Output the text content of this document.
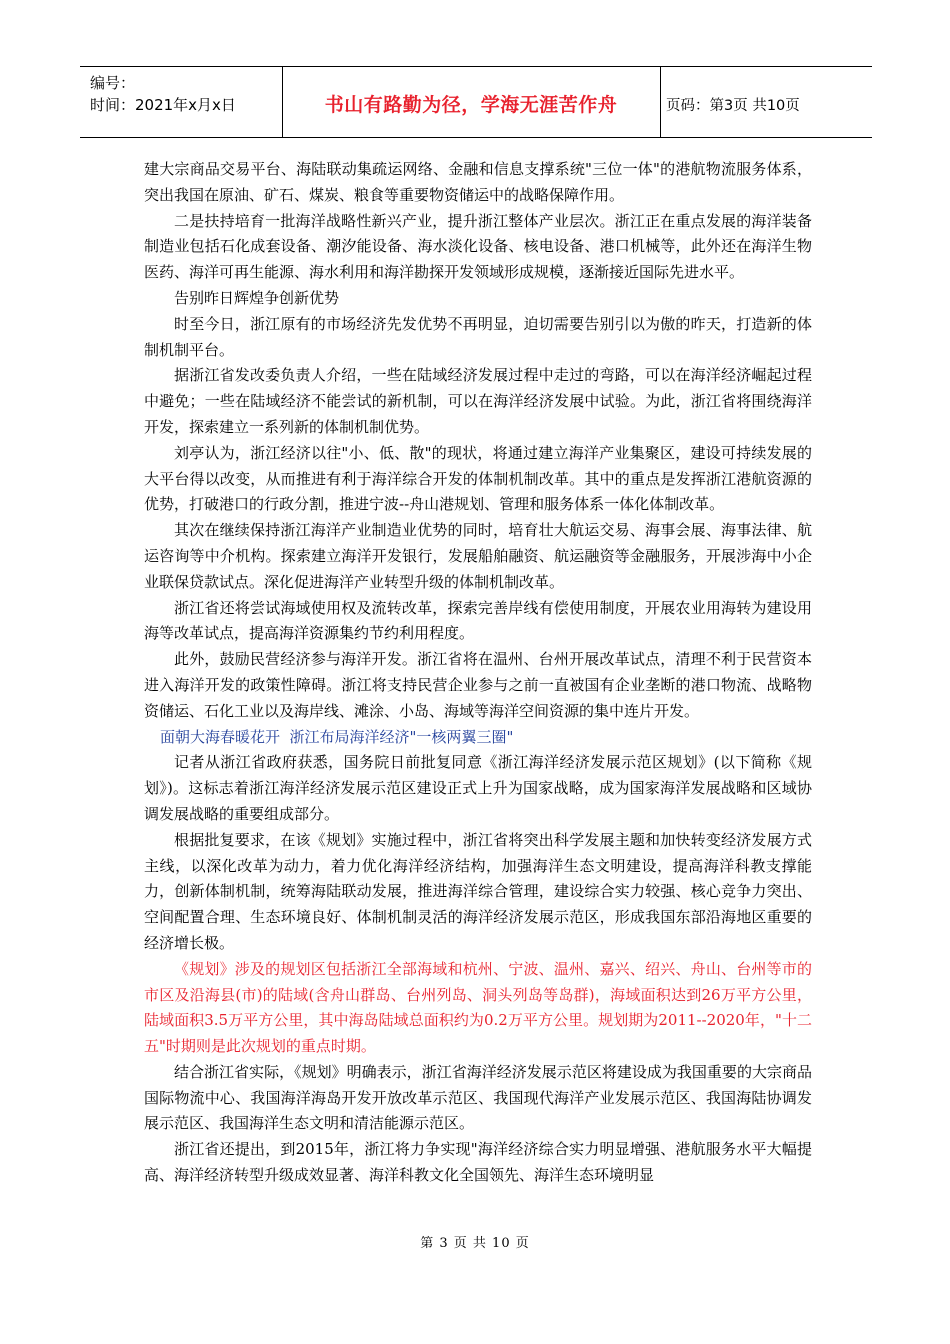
编号：
时间：2021年x月x日	书山有路勤为径，学海无涯苦作舟	页码：第3页 共10页

建大宗商品交易平台、海陆联动集疏运网络、金融和信息支撑系统"三位一体"的港航物流服务体系，突出我国在原油、矿石、煤炭、粮食等重要物资储运中的战略保障作用。

二是扶持培育一批海洋战略性新兴产业，提升浙江整体产业层次。浙江正在重点发展的海洋装备制造业包括石化成套设备、潮汐能设备、海水淡化设备、核电设备、港口机械等，此外还在海洋生物医药、海洋可再生能源、海水利用和海洋勘探开发领域形成规模，逐渐接近国际先进水平。

告别昨日辉煌争创新优势

时至今日，浙江原有的市场经济先发优势不再明显，迫切需要告别引以为傲的昨天，打造新的体制机制平台。

据浙江省发改委负责人介绍，一些在陆域经济发展过程中走过的弯路，可以在海洋经济崛起过程中避免；一些在陆域经济不能尝试的新机制，可以在海洋经济发展中试验。为此，浙江省将围绕海洋开发，探索建立一系列新的体制机制优势。

刘亭认为，浙江经济以往"小、低、散"的现状，将通过建立海洋产业集聚区，建设可持续发展的大平台得以改变，从而推进有利于海洋综合开发的体制机制改革。其中的重点是发挥浙江港航资源的优势，打破港口的行政分割，推进宁波--舟山港规划、管理和服务体系一体化体制改革。

其次在继续保持浙江海洋产业制造业优势的同时，培育壮大航运交易、海事会展、海事法律、航运咨询等中介机构。探索建立海洋开发银行，发展船舶融资、航运融资等金融服务，开展涉海中小企业联保贷款试点。深化促进海洋产业转型升级的体制机制改革。

浙江省还将尝试海域使用权及流转改革，探索完善岸线有偿使用制度，开展农业用海转为建设用海等改革试点，提高海洋资源集约节约利用程度。

此外，鼓励民营经济参与海洋开发。浙江省将在温州、台州开展改革试点，清理不利于民营资本进入海洋开发的政策性障碍。浙江将支持民营企业参与之前一直被国有企业垄断的港口物流、战略物资储运、石化工业以及海岸线、滩涂、小岛、海域等海洋空间资源的集中连片开发。

面朝大海春暖花开  浙江布局海洋经济"一核两翼三圈"

记者从浙江省政府获悉，国务院日前批复同意《浙江海洋经济发展示范区规划》(以下简称《规划》)。这标志着浙江海洋经济发展示范区建设正式上升为国家战略，成为国家海洋发展战略和区域协调发展战略的重要组成部分。

根据批复要求，在该《规划》实施过程中，浙江省将突出科学发展主题和加快转变经济发展方式主线，以深化改革为动力，着力优化海洋经济结构，加强海洋生态文明建设，提高海洋科教支撑能力，创新体制机制，统筹海陆联动发展，推进海洋综合管理，建设综合实力较强、核心竞争力突出、空间配置合理、生态环境良好、体制机制灵活的海洋经济发展示范区，形成我国东部沿海地区重要的经济增长极。

《规划》涉及的规划区包括浙江全部海域和杭州、宁波、温州、嘉兴、绍兴、舟山、台州等市的市区及沿海县(市)的陆域(含舟山群岛、台州列岛、洞头列岛等岛群)，海域面积达到26万平方公里，陆域面积3.5万平方公里，其中海岛陆域总面积约为0.2万平方公里。规划期为2011--2020年，"十二五"时期则是此次规划的重点时期。

结合浙江省实际，《规划》明确表示，浙江省海洋经济发展示范区将建设成为我国重要的大宗商品国际物流中心、我国海洋海岛开发开放改革示范区、我国现代海洋产业发展示范区、我国海陆协调发展示范区、我国海洋生态文明和清洁能源示范区。

浙江省还提出，到2015年，浙江将力争实现"海洋经济综合实力明显增强、港航服务水平大幅提高、海洋经济转型升级成效显著、海洋科教文化全国领先、海洋生态环境明显

第 3 页 共 10 页
